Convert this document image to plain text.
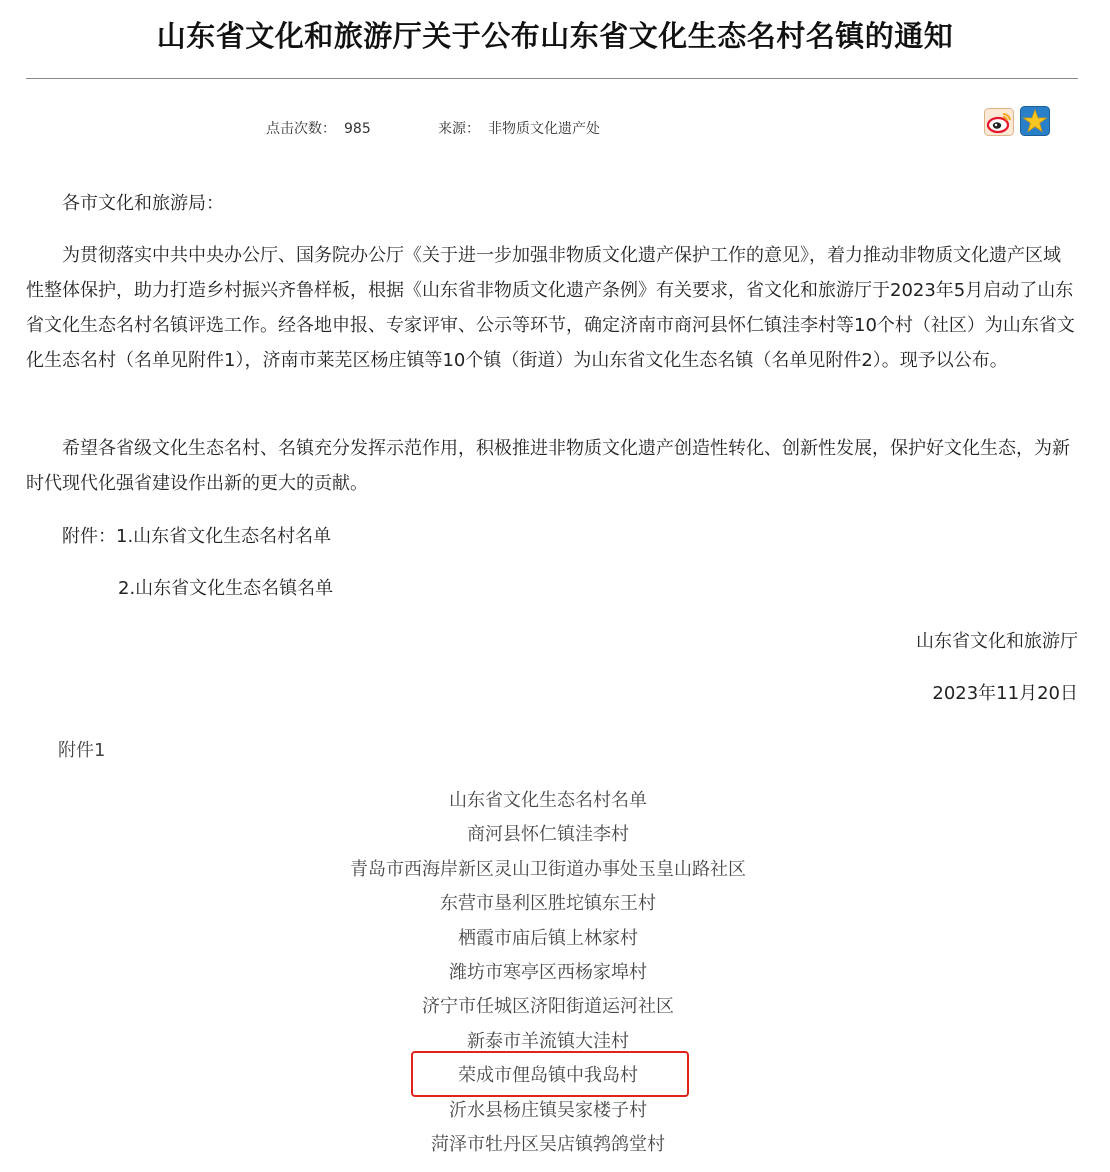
山东省文化和旅游厅关于公布山东省文化生态名村名镇的通知
点击次数： 985	来源： 非物质文化遗产处
各市文化和旅游局：
为贯彻落实中共中央办公厅、国务院办公厅《关于进一步加强非物质文化遗产保护工作的意见》，着力推动非物质文化遗产区域性整体保护，助力打造乡村振兴齐鲁样板，根据《山东省非物质文化遗产条例》有关要求，省文化和旅游厅于2023年5月启动了山东省文化生态名村名镇评选工作。经各地申报、专家评审、公示等环节，确定济南市商河县怀仁镇洼李村等10个村（社区）为山东省文化生态名村（名单见附件1），济南市莱芜区杨庄镇等10个镇（街道）为山东省文化生态名镇（名单见附件2）。现予以公布。
希望各省级文化生态名村、名镇充分发挥示范作用，积极推进非物质文化遗产创造性转化、创新性发展，保护好文化生态，为新时代现代化强省建设作出新的更大的贡献。
附件：1.山东省文化生态名村名单
2.山东省文化生态名镇名单
山东省文化和旅游厅
2023年11月20日
附件1
山东省文化生态名村名单
商河县怀仁镇洼李村
青岛市西海岸新区灵山卫街道办事处玉皇山路社区
东营市垦利区胜坨镇东王村
栖霞市庙后镇上林家村
潍坊市寒亭区西杨家埠村
济宁市任城区济阳街道运河社区
新泰市羊流镇大洼村
荣成市俚岛镇中我岛村
沂水县杨庄镇吴家楼子村
菏泽市牡丹区吴店镇鹁鸽堂村
